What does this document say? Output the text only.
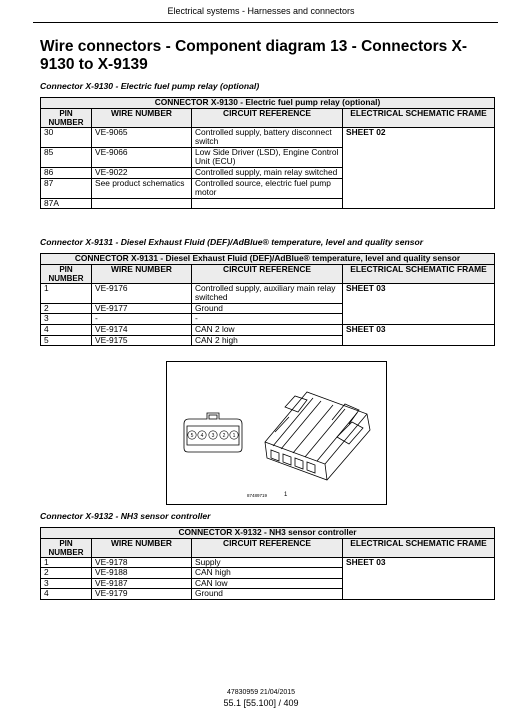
Electrical systems - Harnesses and connectors
Wire connectors - Component diagram 13 - Connectors X-9130 to X-9139
Connector X-9130 - Electric fuel pump relay (optional)
CONNECTOR X-9130 - Electric fuel pump relay (optional)			
PIN NUMBER	WIRE NUMBER	CIRCUIT REFERENCE	ELECTRICAL SCHEMATIC FRAME
30	VE-9065	Controlled supply, battery disconnect switch	SHEET 02
85	VE-9066	Low Side Driver (LSD), Engine Control Unit (ECU)	
86	VE-9022	Controlled supply, main relay switched	
87	See product schematics	Controlled source, electric fuel pump motor	
87A			
Connector X-9131 - Diesel Exhaust Fluid (DEF)/AdBlue® temperature, level and quality sensor
CONNECTOR X-9131 - Diesel Exhaust Fluid (DEF)/AdBlue® temperature, level and quality sensor			
PIN NUMBER	WIRE NUMBER	CIRCUIT REFERENCE	ELECTRICAL SCHEMATIC FRAME
1	VE-9176	Controlled supply, auxiliary main relay switched	SHEET 03
2	VE-9177	Ground	
3	-	-	
4	VE-9174	CAN 2 low	SHEET 03
5	VE-9175	CAN 2 high	
5 4 3 2 1
1
87489719
Connector X-9132 - NH3 sensor controller
CONNECTOR X-9132 - NH3 sensor controller			
PIN NUMBER	WIRE NUMBER	CIRCUIT REFERENCE	ELECTRICAL SCHEMATIC FRAME
1	VE-9178	Supply	SHEET 03
2	VE-9188	CAN high	
3	VE-9187	CAN low	
4	VE-9179	Ground	
47830959 21/04/2015
55.1 [55.100] / 409
